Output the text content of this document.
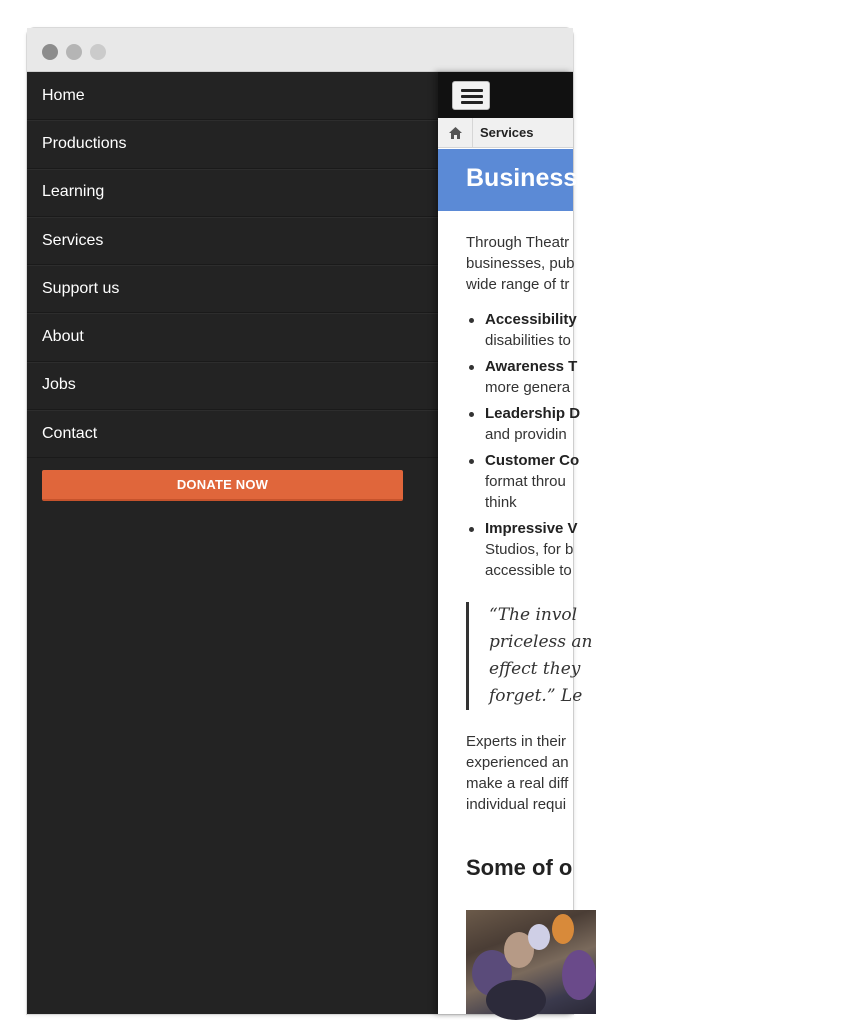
Home
Productions
Learning
Services
Support us
About
Jobs
Contact
DONATE NOW
Services
Business

Through Theatr

businesses, pub

wide range of tr

Accessibility
disabilities to
Awareness T
more genera
Leadership D
and providin
Customer Co
format throu
think
Impressive V
Studios, for b
accessible to
“The invol
priceless an
effect they
forget.” Le

Experts in their

experienced an

make a real diff

individual requi

Some of o
